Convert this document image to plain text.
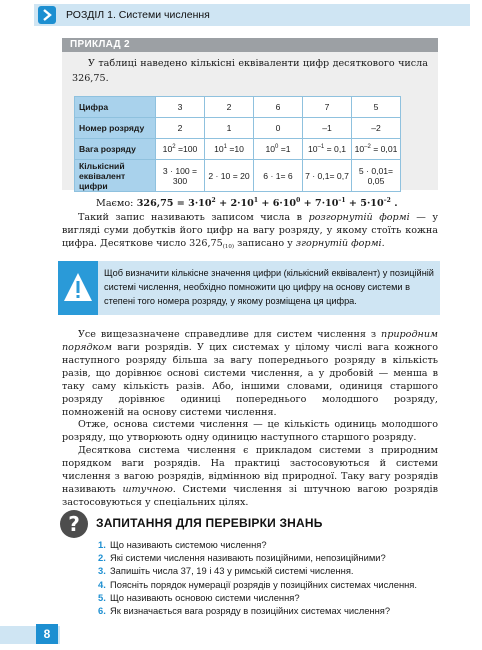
РОЗДІЛ 1. Системи числення
ПРИКЛАД 2
У таблиці наведено кількісні еквіваленти цифр десяткового числа 326,75.
Цифра	3	2	6	7	5
Номер розряду	2	1	0	–1	–2
Вага розряду	$10^2 =100$	$10^1 =10$	$10^0 =1$	$10^{-1} = 0,1$	$10^{-2} = 0,01$
Кількісний еквівалент цифри	3 · 100 = 300	2 · 10 = 20	6 · 1= 6	7 · 0,1= 0,7	5 · 0,01= 0,05
Маємо: $326,75 = 3\cdot 10^2 + 2\cdot 10^1 + 6\cdot 10^0 + 7\cdot 10^{-1} + 5\cdot 10^{-2}$ .
Такий запис називають записом числа в розгорнутій формі — у вигляді суми добутків його цифр на вагу розряду, у якому стоїть кожна цифра. Десяткове число $326,75_{(10)}$ записано у згорнутій формі.
Щоб визначити кількісне значення цифри (кількісний еквівалент) у позиційній системі числення, необхідно помножити цю цифру на основу системи в степені того номера розряду, у якому розміщена ця цифра.
Усе вищезазначене справедливе для систем числення з природним порядком ваги розрядів. У цих системах у цілому числі вага кожного наступного розряду більша за вагу попереднього розряду в кількість разів, що дорівнює основі системи числення, а у дробовій — менша в таку саму кількість разів. Або, іншими словами, одиниця старшого розряду дорівнює одиниці попереднього молодшого розряду, помноженій на основу системи числення.
Отже, основа системи числення — це кількість одиниць молодшого розряду, що утворюють одну одиницю наступного старшого розряду.
Десяткова система числення є прикладом системи з природним порядком ваги розрядів. На практиці застосовуються й системи числення з вагою розрядів, відмінною від природної. Таку вагу розрядів називають штучною. Системи числення зі штучною вагою розрядів застосовуються у спеціальних цілях.
?	ЗАПИТАННЯ ДЛЯ ПЕРЕВІРКИ ЗНАНЬ
1. Що називають системою числення?
2. Які системи числення називають позиційними, непозиційними?
3. Запишіть числа 37, 19 і 43 у римській системі числення.
4. Поясніть порядок нумерації розрядів у позиційних системах числення.
5. Що називають основою системи числення?
6. Як визначається вага розряду в позиційних системах числення?
8
